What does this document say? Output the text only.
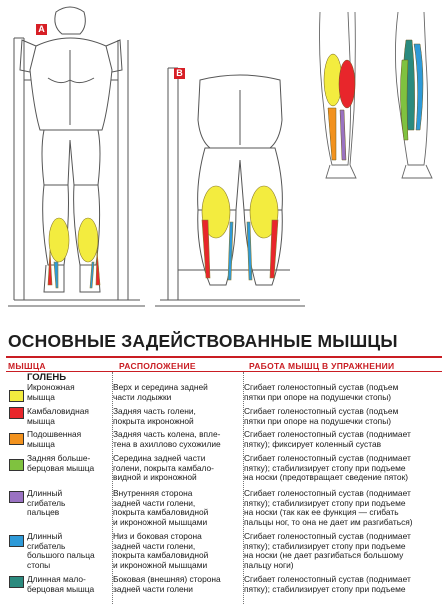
A
B
ОСНОВНЫЕ ЗАДЕЙСТВОВАННЫЕ МЫШЦЫ
МЫШЦА	РАСПОЛОЖЕНИЕ	РАБОТА МЫШЦ В УПРАЖНЕНИИ
ГОЛЕНЬ
Икроножная
мышца
Верх и середина задней
части лодыжки
Сгибает голеностопный сустав (подъем
пятки при опоре на подушечки стопы)
Камбаловидная
мышца
Задняя часть голени,
покрыта икроножной
Сгибает голеностопный сустав (подъем
пятки при опоре на подушечки стопы)
Подошвенная
мышца
Задняя часть колена, впле-
тена в ахиллово сухожилие
Сгибает голеностопный сустав (поднимает
пятку); фиксирует коленный сустав
Задняя больше-
берцовая мышца
Середина задней части
голени, покрыта камбало-
видной и икроножной
Сгибает голеностопный сустав (поднимает
пятку); стабилизирует стопу при подъеме
на носки (предотвращает сведение пяток)
Длинный
сгибатель
пальцев
Внутренняя сторона
задней части голени,
покрыта камбаловидной
и икроножной мышцами
Сгибает голеностопный сустав (поднимает
пятку); стабилизирует стопу при подъеме
на носки (так как ее функция — сгибать
пальцы ног, то она не дает им разгибаться)
Длинный
сгибатель
большого пальца
стопы
Низ и боковая сторона
задней части голени,
покрыта камбаловидной
и икроножной мышцами
Сгибает голеностопный сустав (поднимает
пятку); стабилизирует стопу при подъеме
на носки (не дает разгибаться большому
пальцу ноги)
Длинная мало-
берцовая мышца
Боковая (внешняя) сторона
задней части голени
Сгибает голеностопный сустав (поднимает
пятку); стабилизирует стопу при подъеме
